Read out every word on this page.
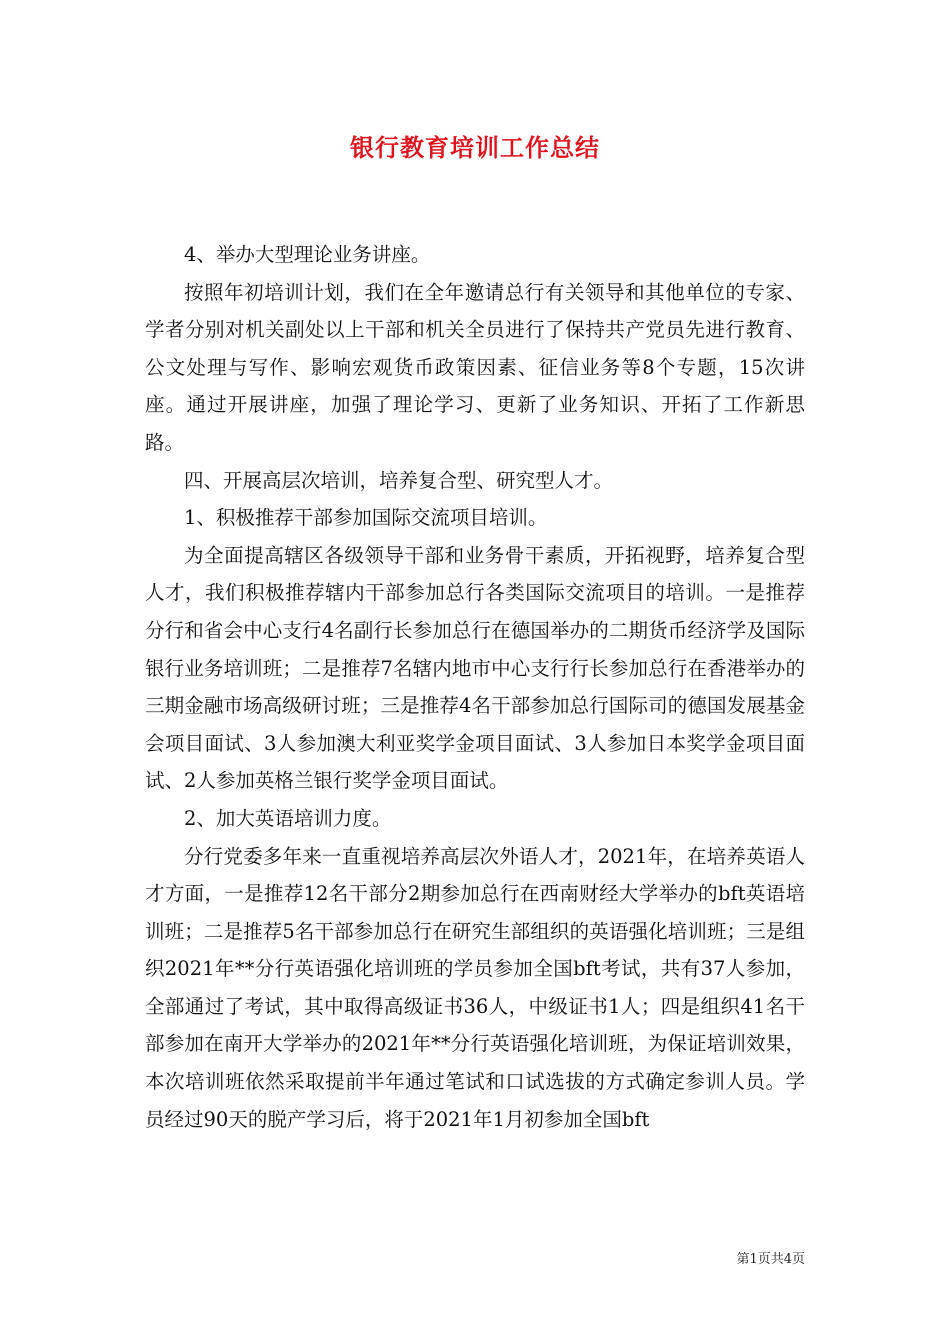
银行教育培训工作总结

4、举办大型理论业务讲座。

按照年初培训计划，我们在全年邀请总行有关领导和其他单位的专家、学者分别对机关副处以上干部和机关全员进行了保持共产党员先进行教育、公文处理与写作、影响宏观货币政策因素、征信业务等8个专题，15次讲座。通过开展讲座，加强了理论学习、更新了业务知识、开拓了工作新思路。

四、开展高层次培训，培养复合型、研究型人才。

1、积极推荐干部参加国际交流项目培训。

为全面提高辖区各级领导干部和业务骨干素质，开拓视野，培养复合型人才，我们积极推荐辖内干部参加总行各类国际交流项目的培训。一是推荐分行和省会中心支行4名副行长参加总行在德国举办的二期货币经济学及国际银行业务培训班；二是推荐7名辖内地市中心支行行长参加总行在香港举办的三期金融市场高级研讨班；三是推荐4名干部参加总行国际司的德国发展基金会项目面试、3人参加澳大利亚奖学金项目面试、3人参加日本奖学金项目面试、2人参加英格兰银行奖学金项目面试。

2、加大英语培训力度。

分行党委多年来一直重视培养高层次外语人才，2021年，在培养英语人才方面，一是推荐12名干部分2期参加总行在西南财经大学举办的bft英语培训班；二是推荐5名干部参加总行在研究生部组织的英语强化培训班；三是组织2021年**分行英语强化培训班的学员参加全国bft考试，共有37人参加，全部通过了考试，其中取得高级证书36人，中级证书1人；四是组织41名干部参加在南开大学举办的2021年**分行英语强化培训班，为保证培训效果，本次培训班依然采取提前半年通过笔试和口试选拔的方式确定参训人员。学员经过90天的脱产学习后，将于2021年1月初参加全国bft

第1页共4页
